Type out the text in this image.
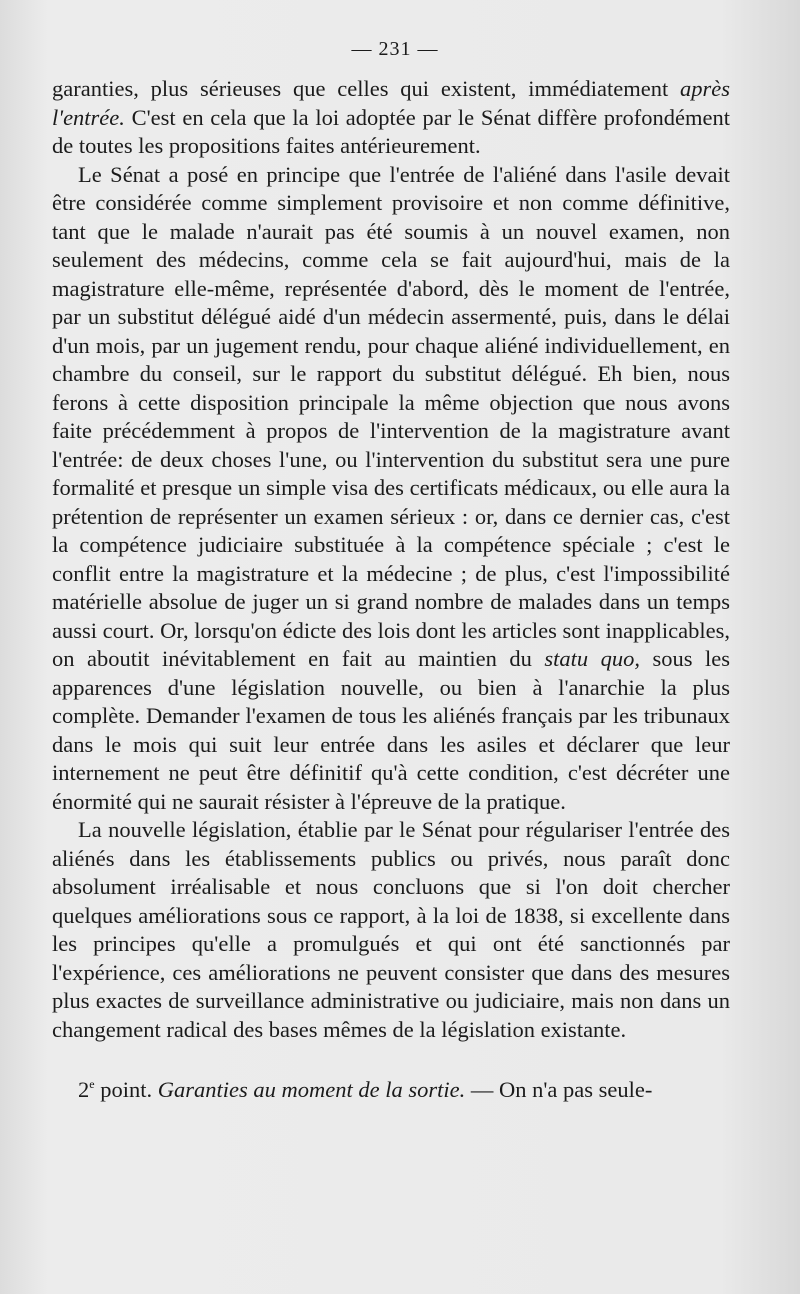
— 231 —

garanties, plus sérieuses que celles qui existent, immédiatement après l'entrée. C'est en cela que la loi adoptée par le Sénat diffère profondément de toutes les propositions faites antérieurement.

Le Sénat a posé en principe que l'entrée de l'aliéné dans l'asile devait être considérée comme simplement provisoire et non comme définitive, tant que le malade n'aurait pas été soumis à un nouvel examen, non seulement des médecins, comme cela se fait aujourd'hui, mais de la magistrature elle-même, représentée d'abord, dès le moment de l'entrée, par un substitut délégué aidé d'un médecin assermenté, puis, dans le délai d'un mois, par un jugement rendu, pour chaque aliéné individuellement, en chambre du conseil, sur le rapport du substitut délégué. Eh bien, nous ferons à cette disposition principale la même objection que nous avons faite précédemment à propos de l'intervention de la magistrature avant l'entrée: de deux choses l'une, ou l'intervention du substitut sera une pure formalité et presque un simple visa des certificats médicaux, ou elle aura la prétention de représenter un examen sérieux : or, dans ce dernier cas, c'est la compétence judiciaire substituée à la compétence spéciale ; c'est le conflit entre la magistrature et la médecine ; de plus, c'est l'impossibilité matérielle absolue de juger un si grand nombre de malades dans un temps aussi court. Or, lorsqu'on édicte des lois dont les articles sont inapplicables, on aboutit inévitablement en fait au maintien du statu quo, sous les apparences d'une législation nouvelle, ou bien à l'anarchie la plus complète. Demander l'examen de tous les aliénés français par les tribunaux dans le mois qui suit leur entrée dans les asiles et déclarer que leur internement ne peut être définitif qu'à cette condition, c'est décréter une énormité qui ne saurait résister à l'épreuve de la pratique.

La nouvelle législation, établie par le Sénat pour régulariser l'entrée des aliénés dans les établissements publics ou privés, nous paraît donc absolument irréalisable et nous concluons que si l'on doit chercher quelques améliorations sous ce rapport, à la loi de 1838, si excellente dans les principes qu'elle a promulgués et qui ont été sanctionnés par l'expérience, ces améliorations ne peuvent consister que dans des mesures plus exactes de surveillance administrative ou judiciaire, mais non dans un changement radical des bases mêmes de la législation existante.

2e point. Garanties au moment de la sortie. — On n'a pas seule-
